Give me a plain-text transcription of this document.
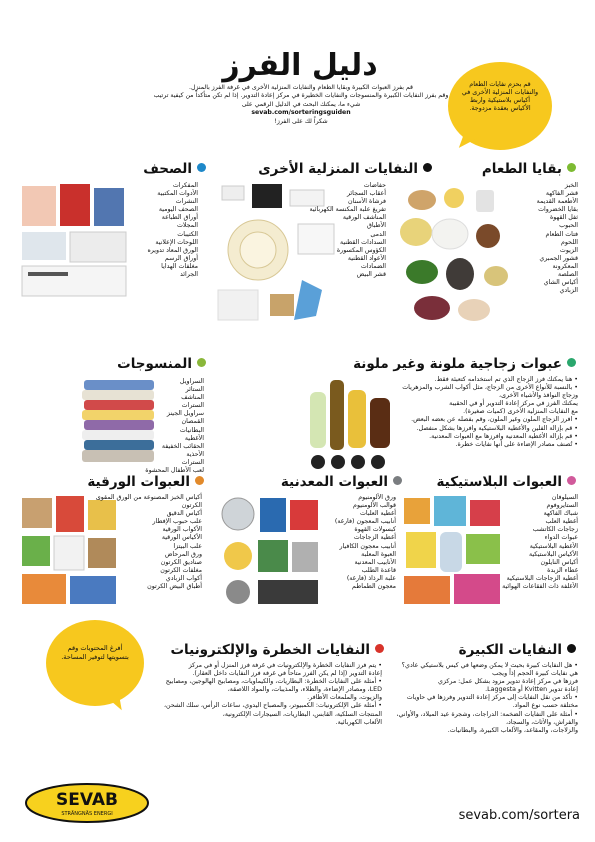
دليل الفرز

قم بفرز العبوات الكبيرة وبقايا الطعام والنفايات المنزلية الأخرى في غرفة الفرز بالمنزل.

وقم بفرز النفايات الكبيرة والمنسوجات والنفايات الخطيرة في مركز إعادة التدوير. إذا لم تكن متأكداً من كيفية ترتيب شيء ما، يمكنك البحث في الدليل الرقمي على

sevab.com/sorteringsguiden

شكراً لك على الفرز!

قم بحزم نفايات الطعام والنفايات المنزلية الأخرى في أكياس بلاستيكية واربط الأكياس بعقدة مزدوجة.
بقايا الطعام
الخبز
قشر الفاكهة
الأطعمة القديمة
بقايا الخضروات
ثفل القهوة
الحبوب
فتات الطعام
اللحوم
الزيوت
قشور الجمبري
المعكرونة
الصلصة
أكياس الشاي
الزبادي
النفايات المنزلية الأخرى
حفاضات
أعقاب السجائر
فرشاة الأسنان
تفريغ علبة المكنسة الكهربائية
المناشف الورقية
الأطباق
الدمى
السدادات القطنية
الكؤوس المكسورة
الأعواد القطنية
الضمادات
قشر البيض
الصحف
المفكرات
الأدوات المكتبية
النشرات
الصحف اليومية
أوراق الطباعة
المجلات
الكتيبات
اللوحات الإعلانية
الورق المعاد تدويره
أوراق الرسم
مغلفات الهدايا
الجرائد
عبوات زجاجية ملونة وغير ملونة
• هنا يمكنك فرز الزجاج الذي تم استخدامه كتعبئة فقط.
• بالنسبة للأنواع الأخرى من الزجاج، مثل أكواب الشرب والمزهريات وزجاج النوافذ والأشياء الأخرى،
يمكنك الفرز في مركز إعادة التدوير أو في الحقيبة
مع النفايات المنزلية الأخرى (كميات صغيرة).
• افرز الزجاج الملون وغير الملون، وقم بفصله عن بعضه البعض.
• قم بإزالة الفلين والأغطية البلاستيكية وافرزها بشكل منفصل.
• قم بإزالة الأغطية المعدنية وافرزها مع العبوات المعدنية.
• تُصنف مصادر الإضاءة على أنها نفايات خطرة.
المنسوجات
السراويل
الستائر
المناشف
السترات
سراويل الجينز
القمصان
البطانيات
الأغطية
الحقائب الخفيفة
الأحذية
السترات
لعب الأطفال المحشوة
العبوات البلاستيكية
السيلوفان
الستايروفوم
شباك الفاكهة
أغطية العلب
زجاجات الكاتشب
عبوات الدواء
الأغطية البلاستيكية
الأكياس البلاستيكية
أكياس النايلون
غطاء الزبدة
أغطية الزجاجات البلاستيكية
الأغلفة ذات الفقاعات الهوائية
العبوات المعدنية
ورق الألومنيوم
قوالب الألومنيوم
أغطية العلبات
أنابيب المعجون (فارغة)
كبسولات القهوة
أغطية الزجاجات
أنابيب معجون الكافيار
العبوة المعلبة
الأنابيب المعدنية
قاعدة الطلب
علبة الرذاذ (فارغة)
معجون الطماطم
العبوات الورقية
أكياس الخبز المصنوعة من الورق المقوى
الكرتون
أكياس الدقيق
علب حبوب الإفطار
الأكواب الورقية
الأكياس الورقية
علب البيتزا
ورق المرحاض
صناديق الكرتون
مغلفات الكرتون
أكواب الزبادي
أطباق البيض الكرتون
النفايات الكبيرة
• هل النفايات كبيرة بحيث لا يمكن وضعها في كيس بلاستيكي عادي؟ هي نفايات كبيرة الحجم إذاً ويجب
فرزها في مركز إعادة تدوير مزود بشكل عمل: مركزي
إعادة تدوير Kvitten أو Laggesta.
• تأكد من نقل النفايات إلى مركز إعادة التدوير وفرزها في حاويات مختلفة حسب نوع المواد.
• أمثلة على النفايات الضخمة: الدراجات، وشجرة عيد الميلاد، والأواني، والفراش، والأثاث، والسجاد،
والزلاجات، والمقاعد، والألعاب الكبيرة، والبطانيات.
النفايات الخطرة والإلكترونيات
• يتم فرز النفايات الخطرة والإلكترونيات في غرفة فرز المنزل أو في مركز
إعادة التدوير (إذا لم يكن الفرز متاحاً في غرفة فرز النفايات داخل العقار).
• أمثلة على النفايات الخطرة: البطاريات، والكيماويات، ومصابيح الهالوجين، ومصابيح LED، ومصادر الإضاءة، والطلاء، والمذيبات، والمواد اللاصقة،
والزيوت، والملمعات الأظافر.
• أمثلة على الإلكترونيات: الكمبيوتر، والمصباح اليدوي، ساعات الرأس، سلك الشحن، المنتجات السلكية، القابس، البطاريات، السيجارات الإلكترونية،
الألعاب الكهربائية.
أفرغ المحتويات وقم بتسويتها لتوفير المساحة.
SEVAB
STRÄNGNÄS ENERGI	sevab.com/sortera
